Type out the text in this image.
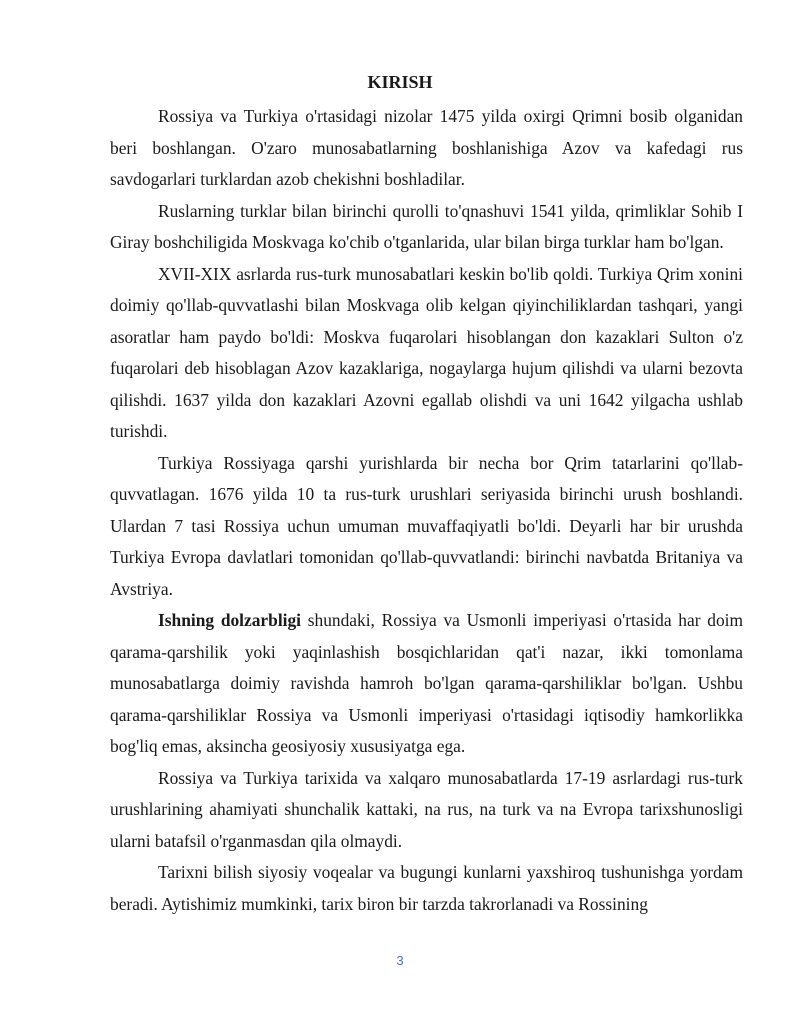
KIRISH

Rossiya va Turkiya o'rtasidagi nizolar 1475 yilda oxirgi Qrimni bosib olganidan beri boshlangan. O'zaro munosabatlarning boshlanishiga Azov va kafedagi rus savdogarlari turklardan azob chekishni boshladilar.

Ruslarning turklar bilan birinchi qurolli to'qnashuvi 1541 yilda, qrimliklar Sohib I Giray boshchiligida Moskvaga ko'chib o'tganlarida, ular bilan birga turklar ham bo'lgan.

XVII-XIX asrlarda rus-turk munosabatlari keskin bo'lib qoldi. Turkiya Qrim xonini doimiy qo'llab-quvvatlashi bilan Moskvaga olib kelgan qiyinchiliklardan tashqari, yangi asoratlar ham paydo bo'ldi: Moskva fuqarolari hisoblangan don kazaklari Sulton o'z fuqarolari deb hisoblagan Azov kazaklariga, nogaylarga hujum qilishdi va ularni bezovta qilishdi. 1637 yilda don kazaklari Azovni egallab olishdi va uni 1642 yilgacha ushlab turishdi.

Turkiya Rossiyaga qarshi yurishlarda bir necha bor Qrim tatarlarini qo'llab-quvvatlagan. 1676 yilda 10 ta rus-turk urushlari seriyasida birinchi urush boshlandi. Ulardan 7 tasi Rossiya uchun umuman muvaffaqiyatli bo'ldi. Deyarli har bir urushda Turkiya Evropa davlatlari tomonidan qo'llab-quvvatlandi: birinchi navbatda Britaniya va Avstriya.

Ishning dolzarbligi shundaki, Rossiya va Usmonli imperiyasi o'rtasida har doim qarama-qarshilik yoki yaqinlashish bosqichlaridan qat'i nazar, ikki tomonlama munosabatlarga doimiy ravishda hamroh bo'lgan qarama-qarshiliklar bo'lgan. Ushbu qarama-qarshiliklar Rossiya va Usmonli imperiyasi o'rtasidagi iqtisodiy hamkorlikka bog'liq emas, aksincha geosiyosiy xususiyatga ega.

Rossiya va Turkiya tarixida va xalqaro munosabatlarda 17-19 asrlardagi rus-turk urushlarining ahamiyati shunchalik kattaki, na rus, na turk va na Evropa tarixshunosligi ularni batafsil o'rganmasdan qila olmaydi.

Tarixni bilish siyosiy voqealar va bugungi kunlarni yaxshiroq tushunishga yordam beradi. Aytishimiz mumkinki, tarix biron bir tarzda takrorlanadi va Rossining

3
